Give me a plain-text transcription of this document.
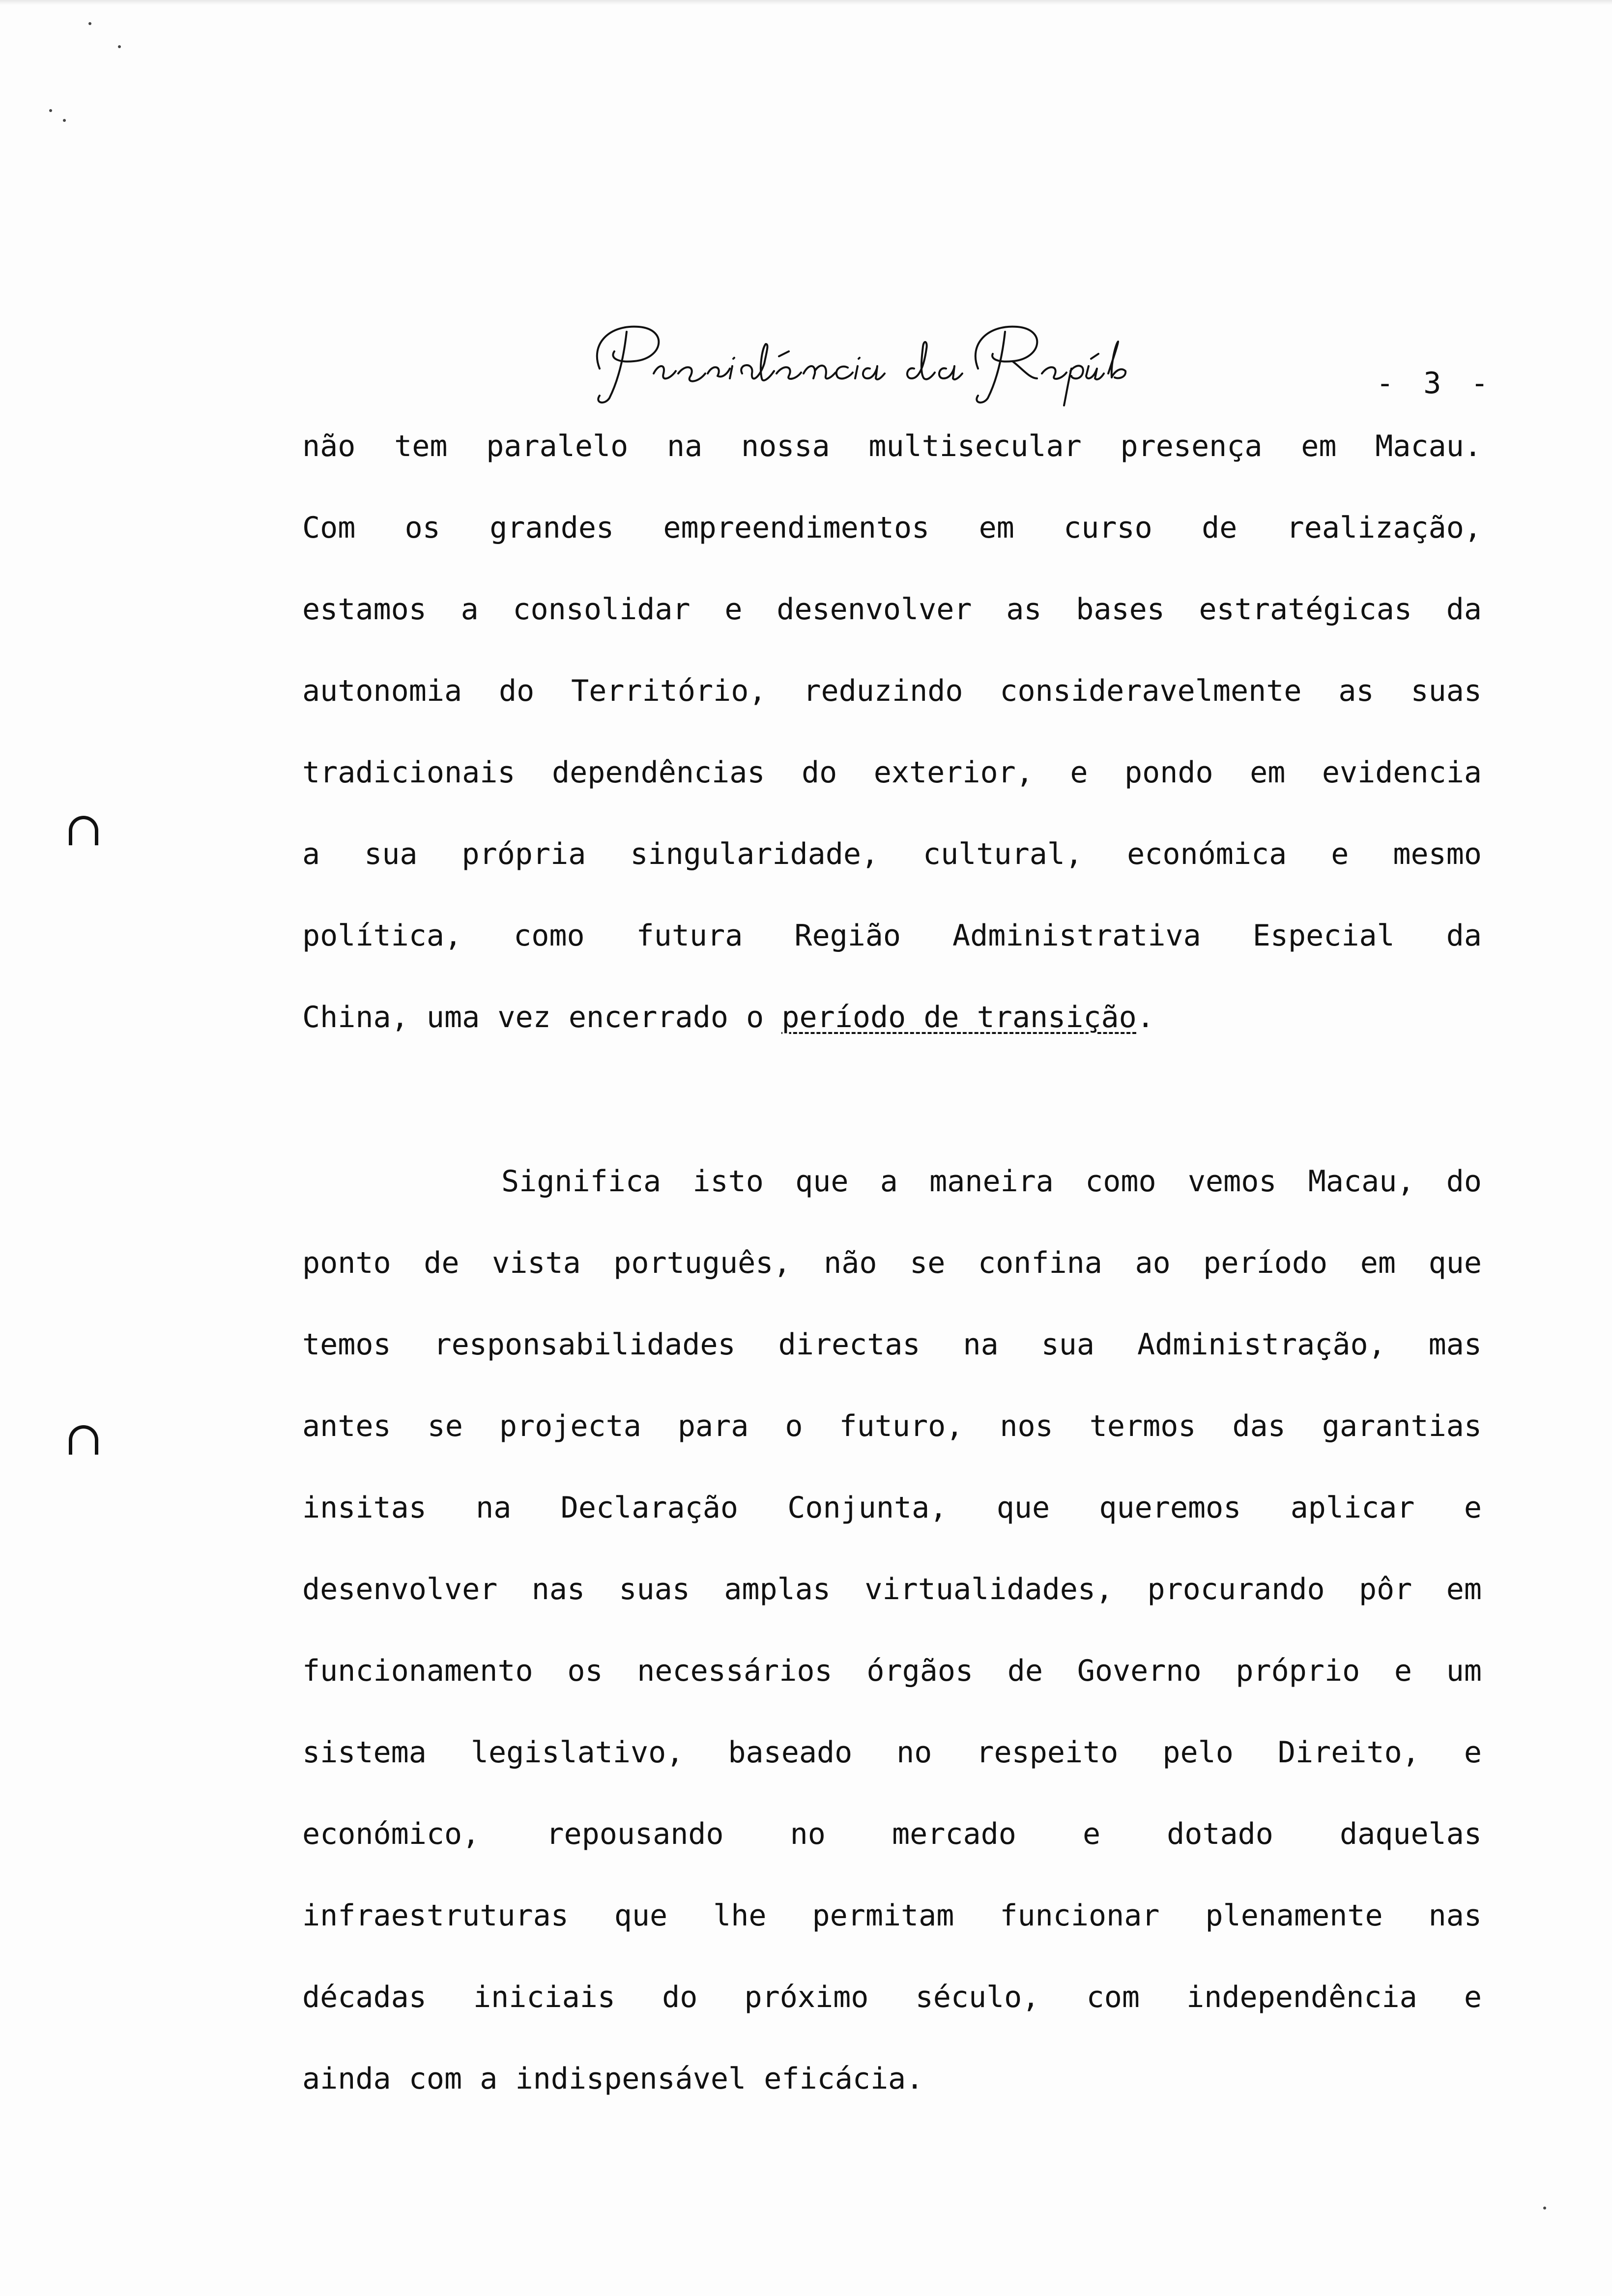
- 3 -
não tem paralelo na nossa multisecular presença em Macau.
Com os grandes empreendimentos em curso de realização,
estamos a consolidar e desenvolver as bases estratégicas da
autonomia do Território, reduzindo consideravelmente as suas
tradicionais dependências do exterior, e pondo em evidencia
a sua própria singularidade, cultural, económica e mesmo
política, como futura Região Administrativa Especial da
China, uma vez encerrado o período de transição.
Significa isto que a maneira como vemos Macau, do
ponto de vista português, não se confina ao período em que
temos responsabilidades directas na sua Administração, mas
antes se projecta para o futuro, nos termos das garantias
insitas na Declaração Conjunta, que queremos aplicar e
desenvolver nas suas amplas virtualidades, procurando pôr em
funcionamento os necessários órgãos de Governo próprio e um
sistema legislativo, baseado no respeito pelo Direito, e
económico, repousando no mercado e dotado daquelas
infraestruturas que lhe permitam funcionar plenamente nas
décadas iniciais do próximo século, com independência e
ainda com a indispensável eficácia.
